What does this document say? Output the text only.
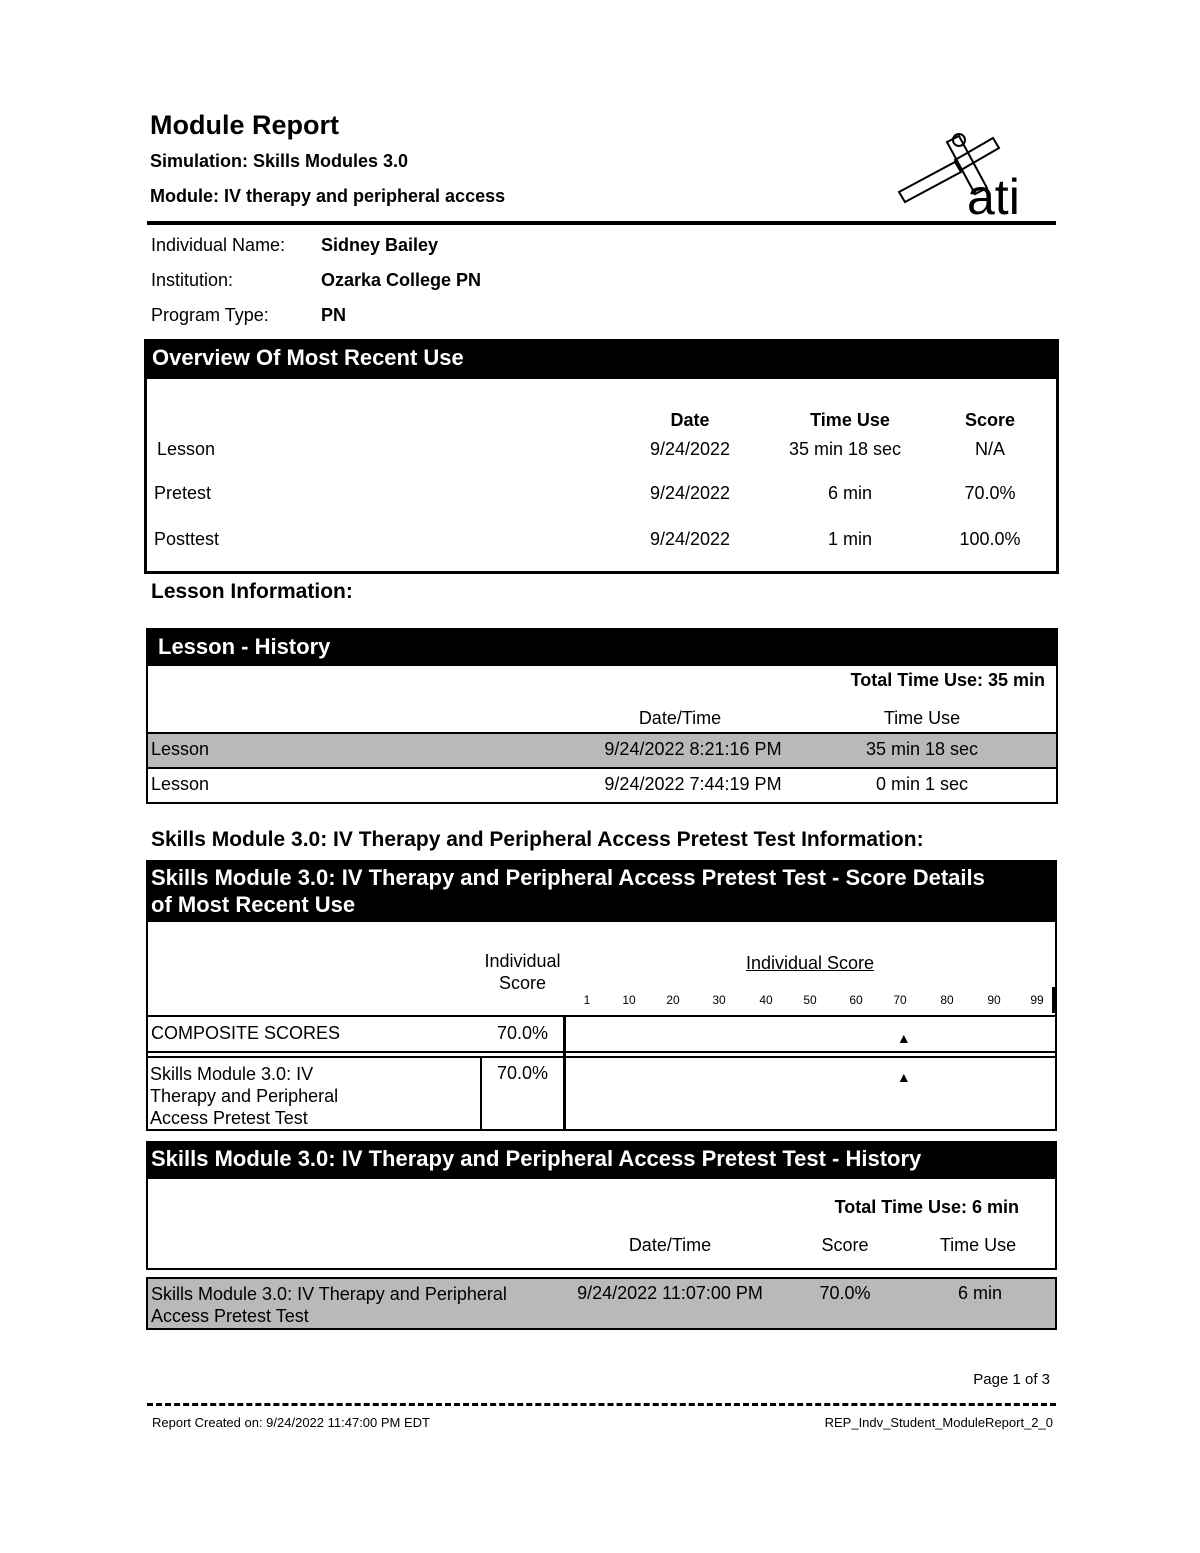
Module Report
Simulation: Skills Modules 3.0
Module: IV therapy and peripheral access	ati
Individual Name: Sidney Bailey
Institution:	Ozarka College PN
Program Type:	PN
Overview Of Most Recent Use
Date	Time Use	Score
Lesson	9/24/2022	35 min 18 sec	N/A
Pretest	9/24/2022	6 min	70.0%
Posttest	9/24/2022	1 min	100.0%
Lesson Information:
Lesson - History
Total Time Use: 35 min
Date/Time	Time Use
Lesson	9/24/2022 8:21:16 PM	35 min 18 sec
Lesson	9/24/2022 7:44:19 PM	0 min 1 sec
Skills Module 3.0: IV Therapy and Peripheral Access Pretest Test Information:
Skills Module 3.0: IV Therapy and Peripheral Access Pretest Test - Score Details
of Most Recent Use
Individual
Score
Individual Score
1	10	20	30	40	50	60	70	80	90	99
COMPOSITE SCORES	70.0%	▲
Skills Module 3.0: IV
Therapy and Peripheral
Access Pretest Test
70.0%	▲
Skills Module 3.0: IV Therapy and Peripheral Access Pretest Test - History
Total Time Use: 6 min
Date/Time	Score	Time Use
Skills Module 3.0: IV Therapy and Peripheral
Access Pretest Test
9/24/2022 11:07:00 PM	70.0%	6 min
Page 1 of 3
Report Created on: 9/24/2022 11:47:00 PM EDT	REP_Indv_Student_ModuleReport_2_0
